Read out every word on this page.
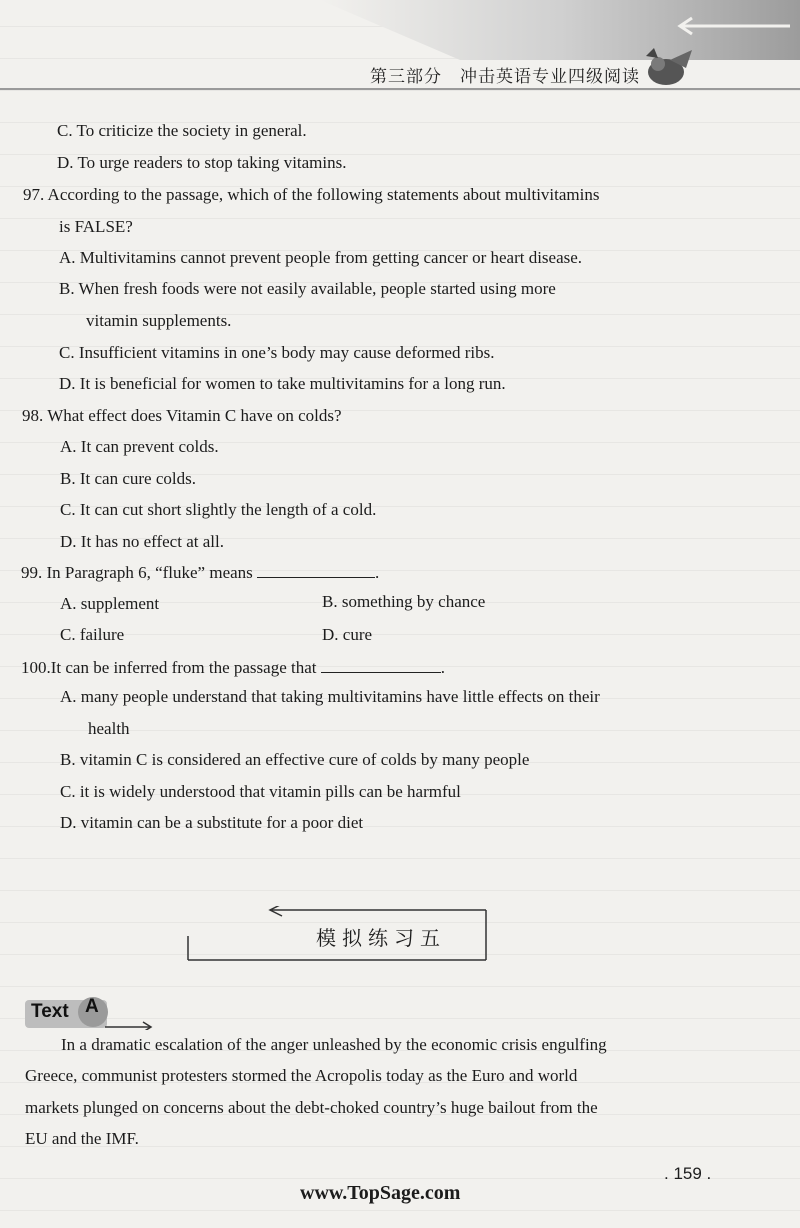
第三部分　冲击英语专业四级阅读
C. To criticize the society in general.
D. To urge readers to stop taking vitamins.
97. According to the passage, which of the following statements about multivitamins
is FALSE?
A. Multivitamins cannot prevent people from getting cancer or heart disease.
B. When fresh foods were not easily available, people started using more
vitamin supplements.
C. Insufficient vitamins in one’s body may cause deformed ribs.
D. It is beneficial for women to take multivitamins for a long run.
98. What effect does Vitamin C have on colds?
A. It can prevent colds.
B. It can cure colds.
C. It can cut short slightly the length of a cold.
D. It has no effect at all.
99. In Paragraph 6, “fluke” means	.
A. supplement	B. something by chance
C. failure	D. cure
100.It can be inferred from the passage that	.
A. many people understand that taking multivitamins have little effects on their
health
B. vitamin C is considered an effective cure of colds by many people
C. it is widely understood that vitamin pills can be harmful
D. vitamin can be a substitute for a poor diet
模拟练习五
Text A
In a dramatic escalation of the anger unleashed by the economic crisis engulfing
Greece, communist protesters stormed the Acropolis today as the Euro and world
markets plunged on concerns about the debt-choked country’s huge bailout from the
EU and the IMF.
. 159 .
www.TopSage.com
